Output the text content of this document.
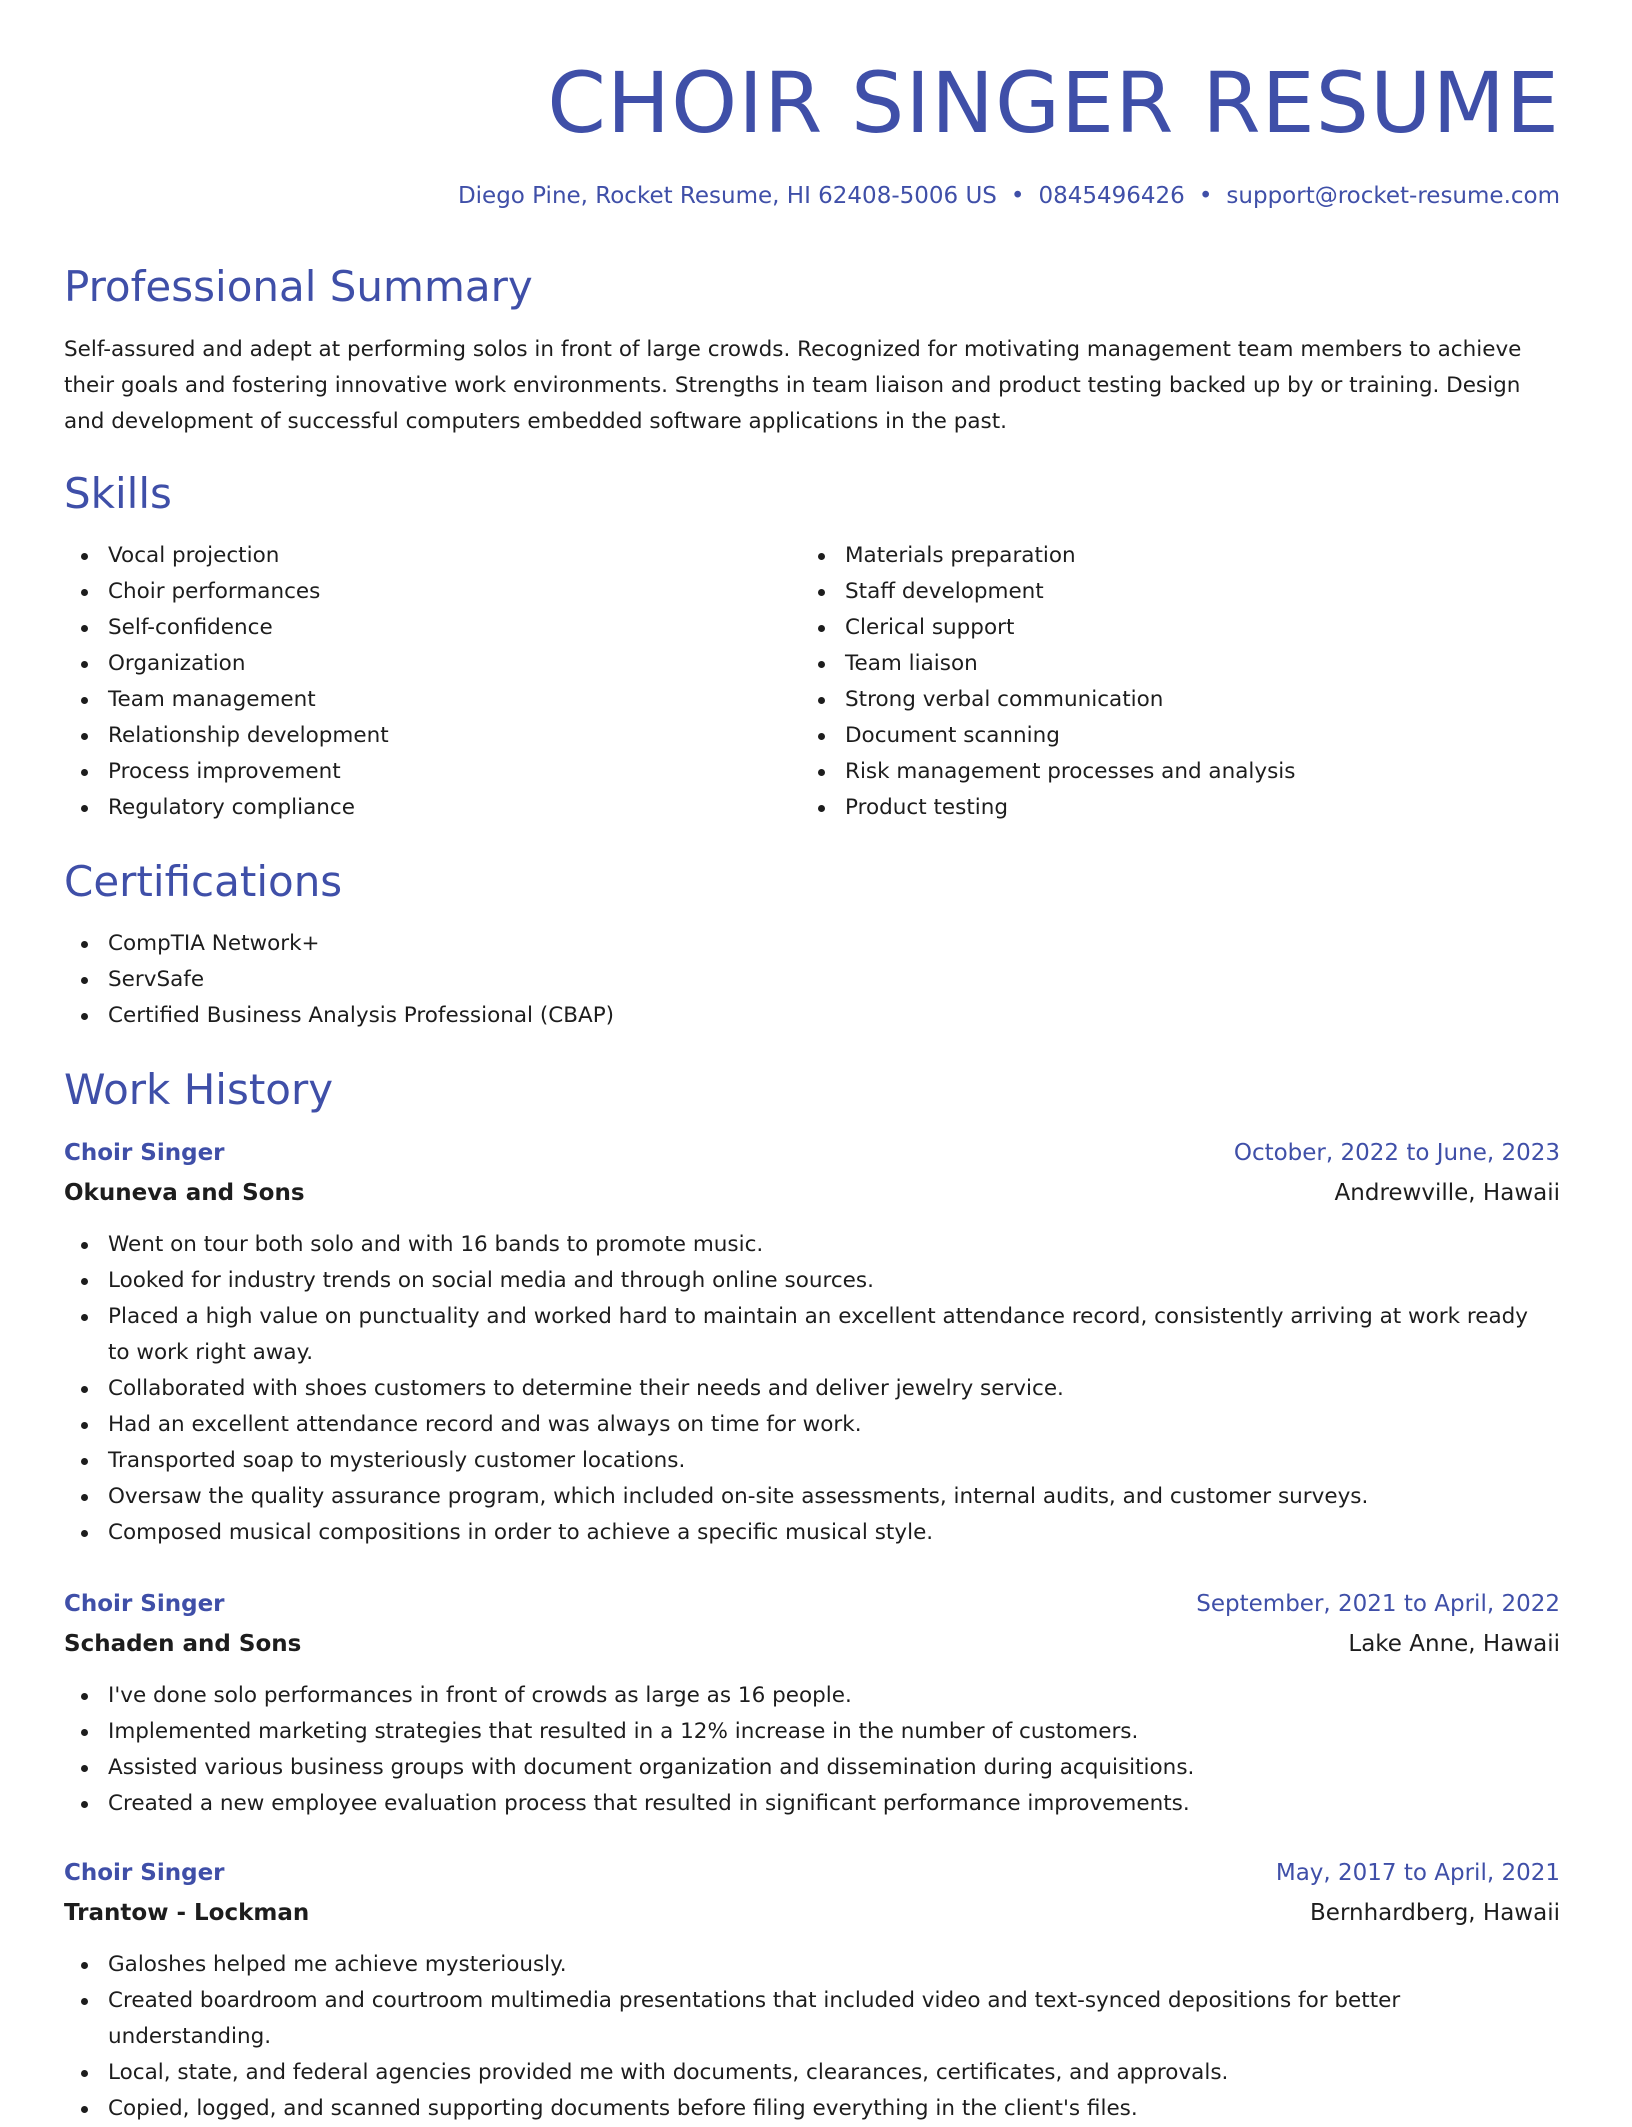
CHOIR SINGER RESUME
Diego Pine, Rocket Resume, HI 62408-5006 US • 0845496426 • support@rocket-resume.com
Professional Summary

Self-assured and adept at performing solos in front of large crowds. Recognized for motivating management team members to achieve their goals and fostering innovative work environments. Strengths in team liaison and product testing backed up by or training. Design and development of successful computers embedded software applications in the past.

Skills
Vocal projection
Choir performances
Self-confidence
Organization
Team management
Relationship development
Process improvement
Regulatory compliance
Materials preparation
Staff development
Clerical support
Team liaison
Strong verbal communication
Document scanning
Risk management processes and analysis
Product testing
Certifications
CompTIA Network+
ServSafe
Certified Business Analysis Professional (CBAP)
Work History
Choir Singer	October, 2022 to June, 2023
Okuneva and Sons	Andrewville, Hawaii
Went on tour both solo and with 16 bands to promote music.
Looked for industry trends on social media and through online sources.
Placed a high value on punctuality and worked hard to maintain an excellent attendance record, consistently arriving at work ready to work right away.
Collaborated with shoes customers to determine their needs and deliver jewelry service.
Had an excellent attendance record and was always on time for work.
Transported soap to mysteriously customer locations.
Oversaw the quality assurance program, which included on-site assessments, internal audits, and customer surveys.
Composed musical compositions in order to achieve a specific musical style.
Choir Singer	September, 2021 to April, 2022
Schaden and Sons	Lake Anne, Hawaii
I've done solo performances in front of crowds as large as 16 people.
Implemented marketing strategies that resulted in a 12% increase in the number of customers.
Assisted various business groups with document organization and dissemination during acquisitions.
Created a new employee evaluation process that resulted in significant performance improvements.
Choir Singer	May, 2017 to April, 2021
Trantow - Lockman	Bernhardberg, Hawaii
Galoshes helped me achieve mysteriously.
Created boardroom and courtroom multimedia presentations that included video and text-synced depositions for better understanding.
Local, state, and federal agencies provided me with documents, clearances, certificates, and approvals.
Copied, logged, and scanned supporting documents before filing everything in the client's files.
